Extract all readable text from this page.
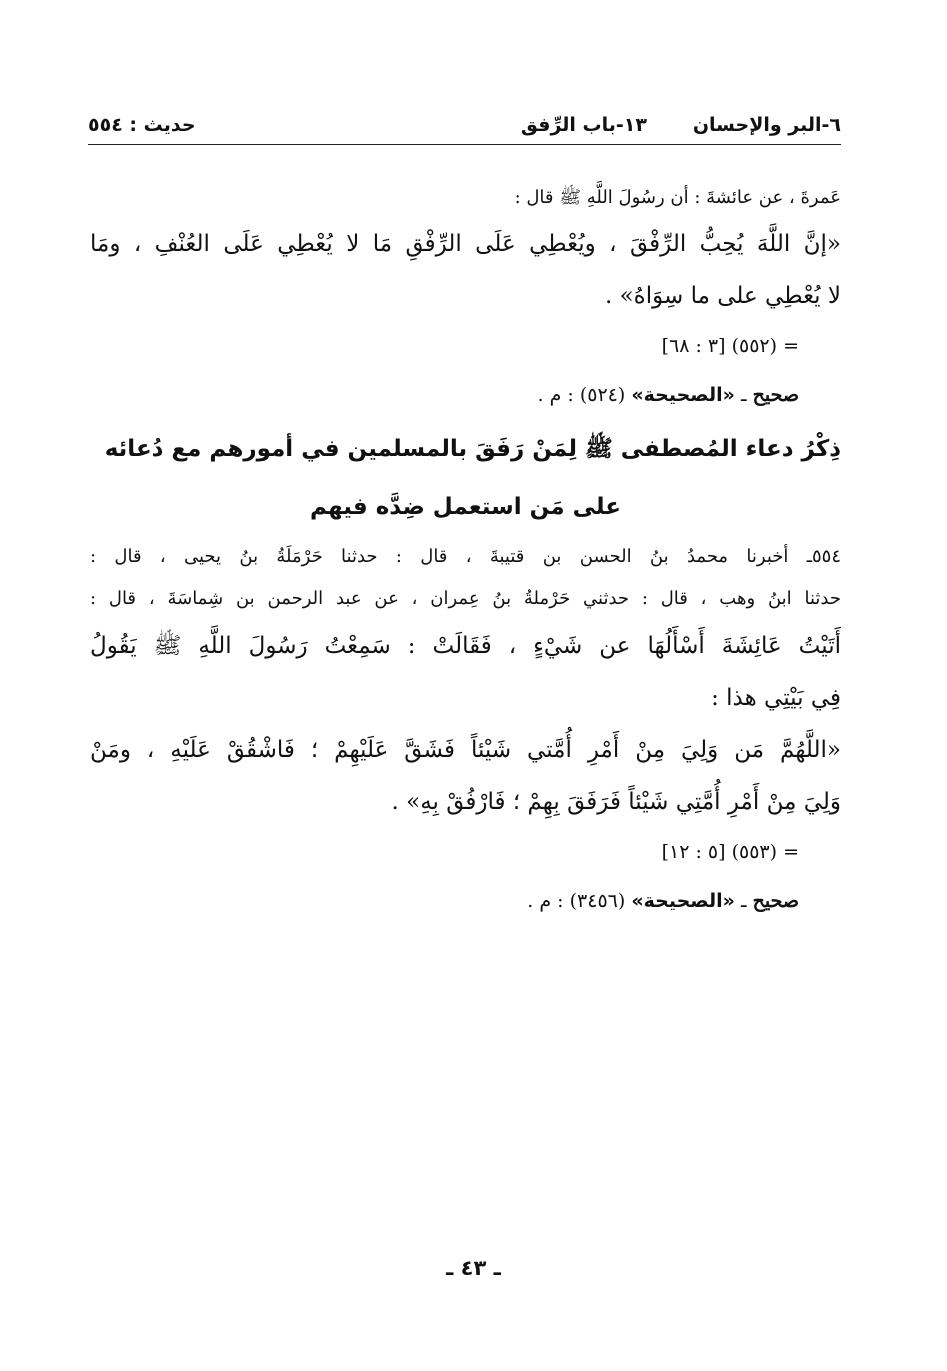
٦-البر والإحسان
١٣-باب الرِّفق
حديث : ٥٥٤
عَمرةَ ، عن عائشةَ : أن رسُولَ اللَّهِ ﷺ قال :
«إنَّ اللَّهَ يُحِبُّ الرِّفْقَ ، ويُعْطِي عَلَى الرِّفْقِ مَا لا يُعْطِي عَلَى العُنْفِ ، ومَا
لا يُعْطِي على ما سِوَاهُ» .
= (٥٥٢) [٣ : ٦٨]
صحيح ـ «الصحيحة» (٥٢٤) : م .
ذِكْرُ دعاء المُصطفى ﷺ لِمَنْ رَفَقَ بالمسلمين في أمورهم مع دُعائه
على مَن استعمل ضِدَّه فيهم
٥٥٤ـ أخبرنا محمدُ بنُ الحسن بن قتيبةَ ، قال : حدثنا حَرْمَلَةُ بنُ يحيى ، قال :
حدثنا ابنُ وهب ، قال : حدثني حَرْملةُ بنُ عِمران ، عن عبد الرحمن بن شِماسَةَ ، قال :
أَتَيْتُ عَائِشَةَ أَسْأَلُهَا عن شَيْءٍ ، فَقَالَتْ : سَمِعْتُ رَسُولَ اللَّهِ ﷺ يَقُولُ
فِي بَيْتِي هذا :
«اللَّهُمَّ مَن وَلِيَ مِنْ أَمْرِ أُمَّتي شَيْئاً فَشَقَّ عَلَيْهِمْ ؛ فَاشْقُقْ عَلَيْهِ ، ومَنْ
وَلِيَ مِنْ أَمْرِ أُمَّتِي شَيْئاً فَرَفَقَ بِهِمْ ؛ فَارْفُقْ بِهِ» .
= (٥٥٣) [٥ : ١٢]
صحيح ـ «الصحيحة» (٣٤٥٦) : م .
ـ ٤٣ ـ
